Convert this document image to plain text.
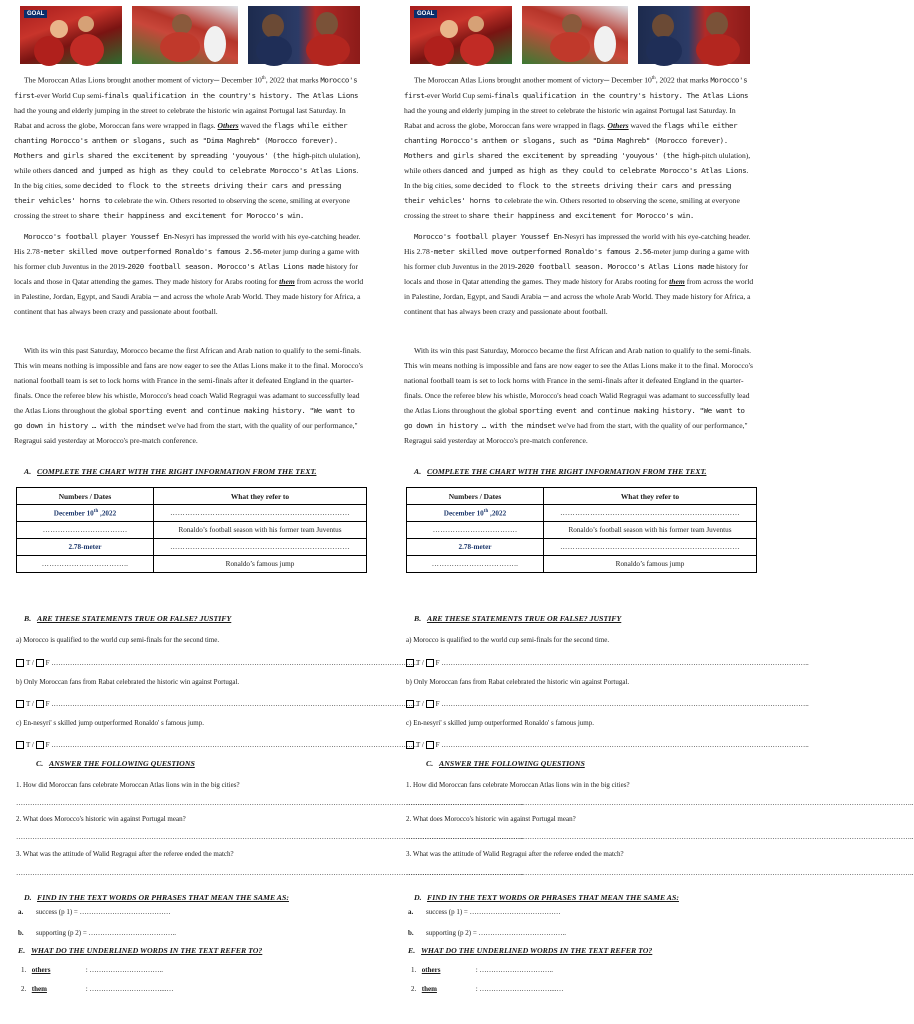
GOAL
The Moroccan Atlas Lions brought another moment of victory─ December 10th, 2022 that marks Morocco's first-ever World Cup semi-finals qualification in the country's history. The Atlas Lions had the young and elderly jumping in the street to celebrate the historic win against Portugal last Saturday. In Rabat and across the globe, Moroccan fans were wrapped in flags. Others waved the flags while either chanting Morocco's anthem or slogans, such as "Dima Maghreb" (Morocco forever). Mothers and girls shared the excitement by spreading 'youyous' (the high-pitch ululation), while others danced and jumped as high as they could to celebrate Morocco's Atlas Lions. In the big cities, some decided to flock to the streets driving their cars and pressing their vehicles' horns to celebrate the win. Others resorted to observing the scene, smiling at everyone crossing the street to share their happiness and excitement for Morocco's win.
Morocco's football player Youssef En-Nesyri has impressed the world with his eye-catching header. His 2.78-meter skilled move outperformed Ronaldo's famous 2.56-meter jump during a game with his former club Juventus in the 2019-2020 football season. Morocco's Atlas Lions made history for locals and those in Qatar attending the games. They made history for Arabs rooting for them from across the world in Palestine, Jordan, Egypt, and Saudi Arabia ─ and across the whole Arab World. They made history for Africa, a continent that has always been crazy and passionate about football.
With its win this past Saturday, Morocco became the first African and Arab nation to qualify to the semi-finals. This win means nothing is impossible and fans are now eager to see the Atlas Lions make it to the final. Morocco's national football team is set to lock horns with France in the semi-finals after it defeated England in the quarter-finals. Once the referee blew his whistle, Morocco's head coach Walid Regragui was adamant to successfully lead the Atlas Lions throughout the global sporting event and continue making history. "We want to go down in history … with the mindset we've had from the start, with the quality of our performance," Regragui said yesterday at Morocco's pre-match conference.
A. COMPLETE THE CHART WITH THE RIGHT INFORMATION FROM THE TEXT.
Numbers / Dates	What they refer to
December 10th ,2022	………………………………………………………………
…………………………….	Ronaldo’s football season with his former team Juventus
2.78-meter	………………………………………………………………
……………………………..	Ronaldo’s famous jump
B. ARE THESE STATEMENTS TRUE OR FALSE? JUSTIFY
a) Morocco is qualified to the world cup semi-finals for the second time.
T / F …………………………………………………………………………………………………………………………………………..
b) Only Moroccan fans from Rabat celebrated the historic win against Portugal.
T / F …………………………………………………………………………………………………………………………………………..
c) En-nesyri' s skilled jump outperformed Ronaldo' s famous jump.
T / F …………………………………………………………………………………………………………………………………………..
C. ANSWER THE FOLLOWING QUESTIONS
1. How did Moroccan fans celebrate Moroccan Atlas lions win in the big cities?
………………………………………………………………………………………………………………………………………………………………………………………………..
2. What does Morocco's historic win against Portugal mean?
………………………………………………………………………………………………………………………………………………………………………………………………..
3. What was the attitude of Walid Regragui after the referee ended the match?
………………………………………………………………………………………………………………………………………………………………………………………………..
D. FIND IN THE TEXT WORDS OR PHRASES THAT MEAN THE SAME AS:
a. success (p 1) = …………………………………
b. supporting (p 2) = ………………………………..
E. WHAT DO THE UNDERLINED WORDS IN THE TEXT REFER TO?
1. others	: …………………………..
2. them	: …………………………....…
GOAL
The Moroccan Atlas Lions brought another moment of victory─ December 10th, 2022 that marks Morocco's first-ever World Cup semi-finals qualification in the country's history. The Atlas Lions had the young and elderly jumping in the street to celebrate the historic win against Portugal last Saturday. In Rabat and across the globe, Moroccan fans were wrapped in flags. Others waved the flags while either chanting Morocco's anthem or slogans, such as "Dima Maghreb" (Morocco forever). Mothers and girls shared the excitement by spreading 'youyous' (the high-pitch ululation), while others danced and jumped as high as they could to celebrate Morocco's Atlas Lions. In the big cities, some decided to flock to the streets driving their cars and pressing their vehicles' horns to celebrate the win. Others resorted to observing the scene, smiling at everyone crossing the street to share their happiness and excitement for Morocco's win.
Morocco's football player Youssef En-Nesyri has impressed the world with his eye-catching header. His 2.78-meter skilled move outperformed Ronaldo's famous 2.56-meter jump during a game with his former club Juventus in the 2019-2020 football season. Morocco's Atlas Lions made history for locals and those in Qatar attending the games. They made history for Arabs rooting for them from across the world in Palestine, Jordan, Egypt, and Saudi Arabia ─ and across the whole Arab World. They made history for Africa, a continent that has always been crazy and passionate about football.
With its win this past Saturday, Morocco became the first African and Arab nation to qualify to the semi-finals. This win means nothing is impossible and fans are now eager to see the Atlas Lions make it to the final. Morocco's national football team is set to lock horns with France in the semi-finals after it defeated England in the quarter-finals. Once the referee blew his whistle, Morocco's head coach Walid Regragui was adamant to successfully lead the Atlas Lions throughout the global sporting event and continue making history. "We want to go down in history … with the mindset we've had from the start, with the quality of our performance," Regragui said yesterday at Morocco's pre-match conference.
A. COMPLETE THE CHART WITH THE RIGHT INFORMATION FROM THE TEXT.
Numbers / Dates	What they refer to
December 10th ,2022	………………………………………………………………
…………………………….	Ronaldo’s football season with his former team Juventus
2.78-meter	………………………………………………………………
……………………………..	Ronaldo’s famous jump
B. ARE THESE STATEMENTS TRUE OR FALSE? JUSTIFY
a) Morocco is qualified to the world cup semi-finals for the second time.
T / F …………………………………………………………………………………………………………………………………………..
b) Only Moroccan fans from Rabat celebrated the historic win against Portugal.
T / F …………………………………………………………………………………………………………………………………………..
c) En-nesyri' s skilled jump outperformed Ronaldo' s famous jump.
T / F …………………………………………………………………………………………………………………………………………..
C. ANSWER THE FOLLOWING QUESTIONS
1. How did Moroccan fans celebrate Moroccan Atlas lions win in the big cities?
………………………………………………………………………………………………………………………………………………………………………………………………..
2. What does Morocco's historic win against Portugal mean?
………………………………………………………………………………………………………………………………………………………………………………………………..
3. What was the attitude of Walid Regragui after the referee ended the match?
………………………………………………………………………………………………………………………………………………………………………………………………..
D. FIND IN THE TEXT WORDS OR PHRASES THAT MEAN THE SAME AS:
a. success (p 1) = …………………………………
b. supporting (p 2) = ………………………………..
E. WHAT DO THE UNDERLINED WORDS IN THE TEXT REFER TO?
1. others	: …………………………..
2. them	: …………………………....…
